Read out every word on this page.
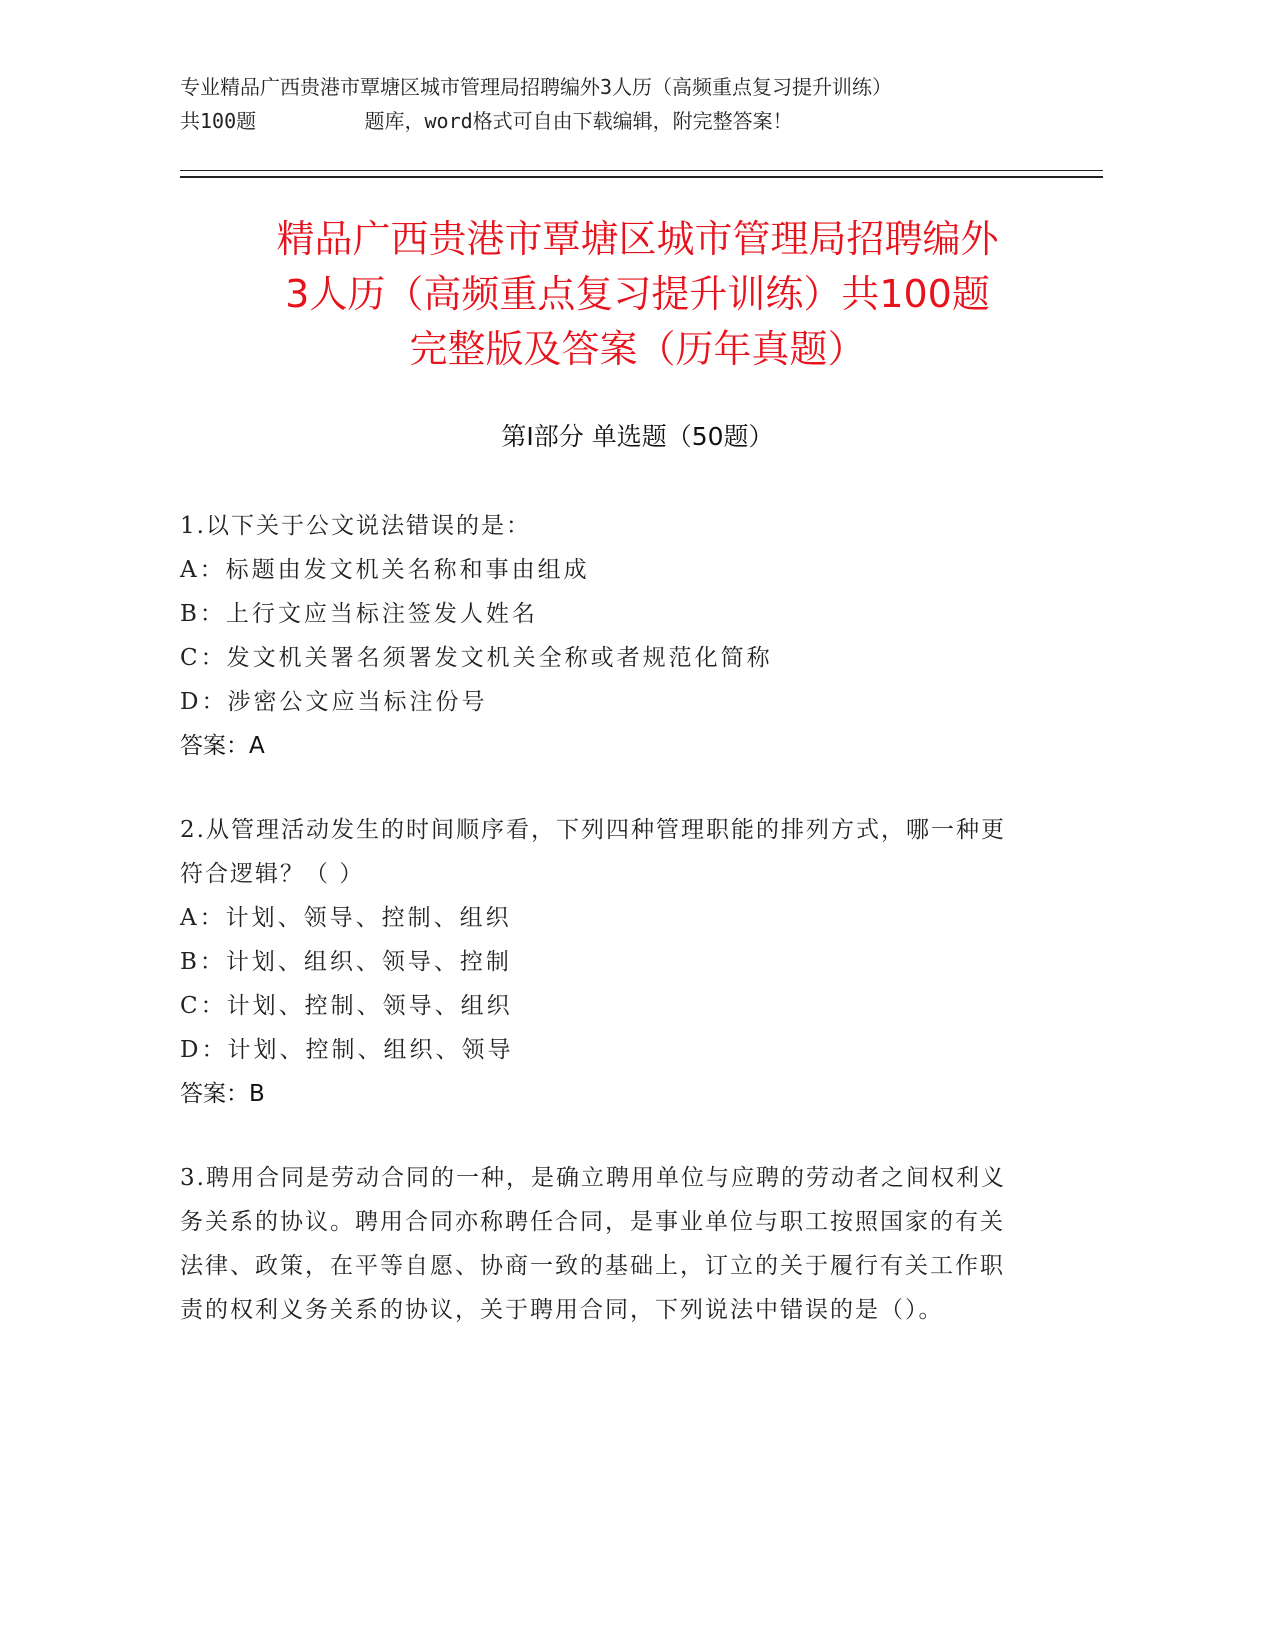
专业精品广西贵港市覃塘区城市管理局招聘编外3人历（高频重点复习提升训练）
共100题         题库，word格式可自由下载编辑，附完整答案！
精品广西贵港市覃塘区城市管理局招聘编外
3人历（高频重点复习提升训练）共100题
完整版及答案（历年真题）
第Ⅰ部分 单选题（50题）
1.以下关于公文说法错误的是：
A：标题由发文机关名称和事由组成
B：上行文应当标注签发人姓名
C：发文机关署名须署发文机关全称或者规范化简称
D：涉密公文应当标注份号
答案：A
2.从管理活动发生的时间顺序看，下列四种管理职能的排列方式，哪一种更符合逻辑？（ ）
A：计划、领导、控制、组织
B：计划、组织、领导、控制
C：计划、控制、领导、组织
D：计划、控制、组织、领导
答案：B
3.聘用合同是劳动合同的一种，是确立聘用单位与应聘的劳动者之间权利义务关系的协议。聘用合同亦称聘任合同，是事业单位与职工按照国家的有关法律、政策，在平等自愿、协商一致的基础上，订立的关于履行有关工作职责的权利义务关系的协议，关于聘用合同，下列说法中错误的是（）。
